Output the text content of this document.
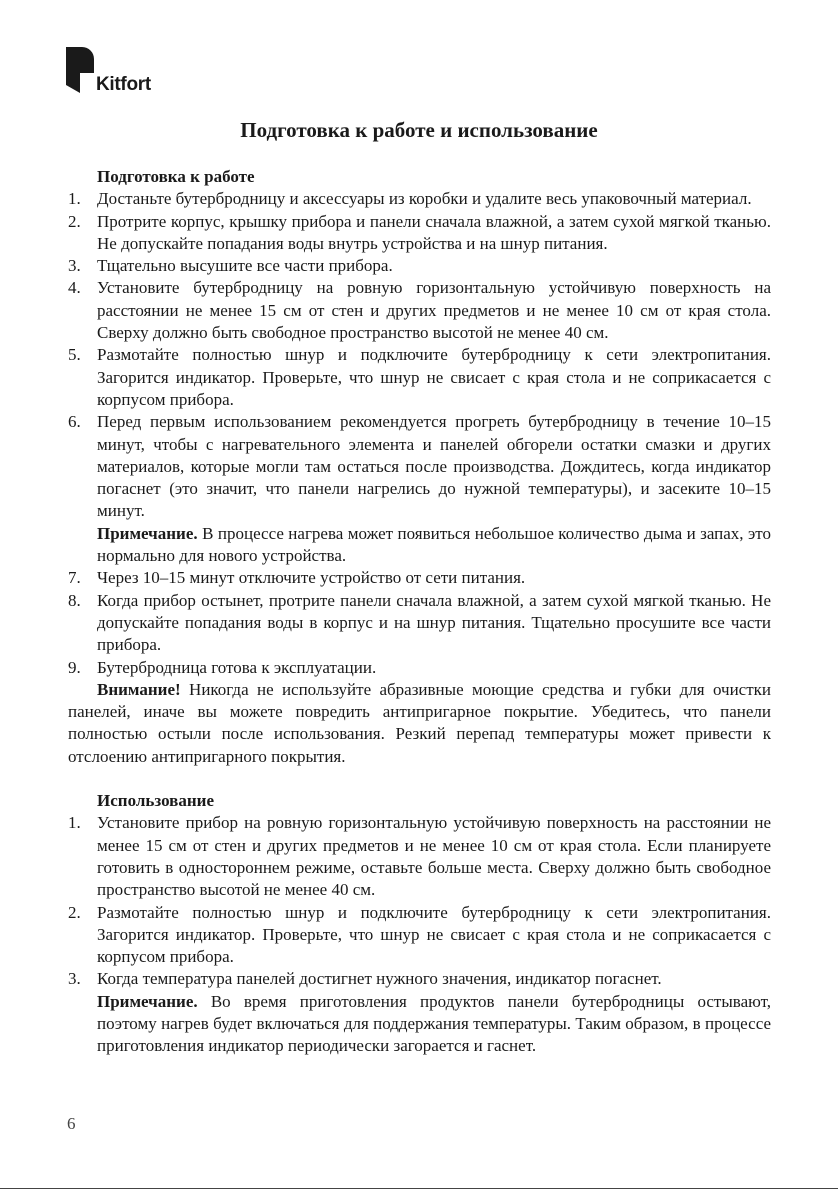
Kitfort
Подготовка к работе и использование
Подготовка к работе
1. Достаньте бутербродницу и аксессуары из коробки и удалите весь упаковочный материал.
2. Протрите корпус, крышку прибора и панели сначала влажной, а затем сухой мягкой тканью. Не допускайте попадания воды внутрь устройства и на шнур питания.
3. Тщательно высушите все части прибора.
4. Установите бутербродницу на ровную горизонтальную устойчивую поверхность на расстоянии не менее 15 см от стен и других предметов и не менее 10 см от края стола. Сверху должно быть свободное пространство высотой не менее 40 см.
5. Размотайте полностью шнур и подключите бутербродницу к сети электропитания. Загорится индикатор. Проверьте, что шнур не свисает с края стола и не соприкасается с корпусом прибора.
6. Перед первым использованием рекомендуется прогреть бутербродницу в течение 10–15 минут, чтобы с нагревательного элемента и панелей обгорели остатки смазки и других материалов, которые могли там остаться после производства. Дождитесь, когда индикатор погаснет (это значит, что панели нагрелись до нужной температуры), и засеките 10–15 минут.
Примечание. В процессе нагрева может появиться небольшое количество дыма и запах, это нормально для нового устройства.
7. Через 10–15 минут отключите устройство от сети питания.
8. Когда прибор остынет, протрите панели сначала влажной, а затем сухой мягкой тканью. Не допускайте попадания воды в корпус и на шнур питания. Тщательно просушите все части прибора.
9. Бутербродница готова к эксплуатации.
Внимание! Никогда не используйте абразивные моющие средства и губки для очистки панелей, иначе вы можете повредить антипригарное покрытие. Убедитесь, что панели полностью остыли после использования. Резкий перепад температуры может привести к отслоению антипригарного покрытия.
Использование
1. Установите прибор на ровную горизонтальную устойчивую поверхность на расстоянии не менее 15 см от стен и других предметов и не менее 10 см от края стола. Если планируете готовить в одностороннем режиме, оставьте больше места. Сверху должно быть свободное пространство высотой не менее 40 см.
2. Размотайте полностью шнур и подключите бутербродницу к сети электропитания. Загорится индикатор. Проверьте, что шнур не свисает с края стола и не соприкасается с корпусом прибора.
3. Когда температура панелей достигнет нужного значения, индикатор погаснет.
Примечание. Во время приготовления продуктов панели бутербродницы остывают, поэтому нагрев будет включаться для поддержания температуры. Таким образом, в процессе приготовления индикатор периодически загорается и гаснет.
6
